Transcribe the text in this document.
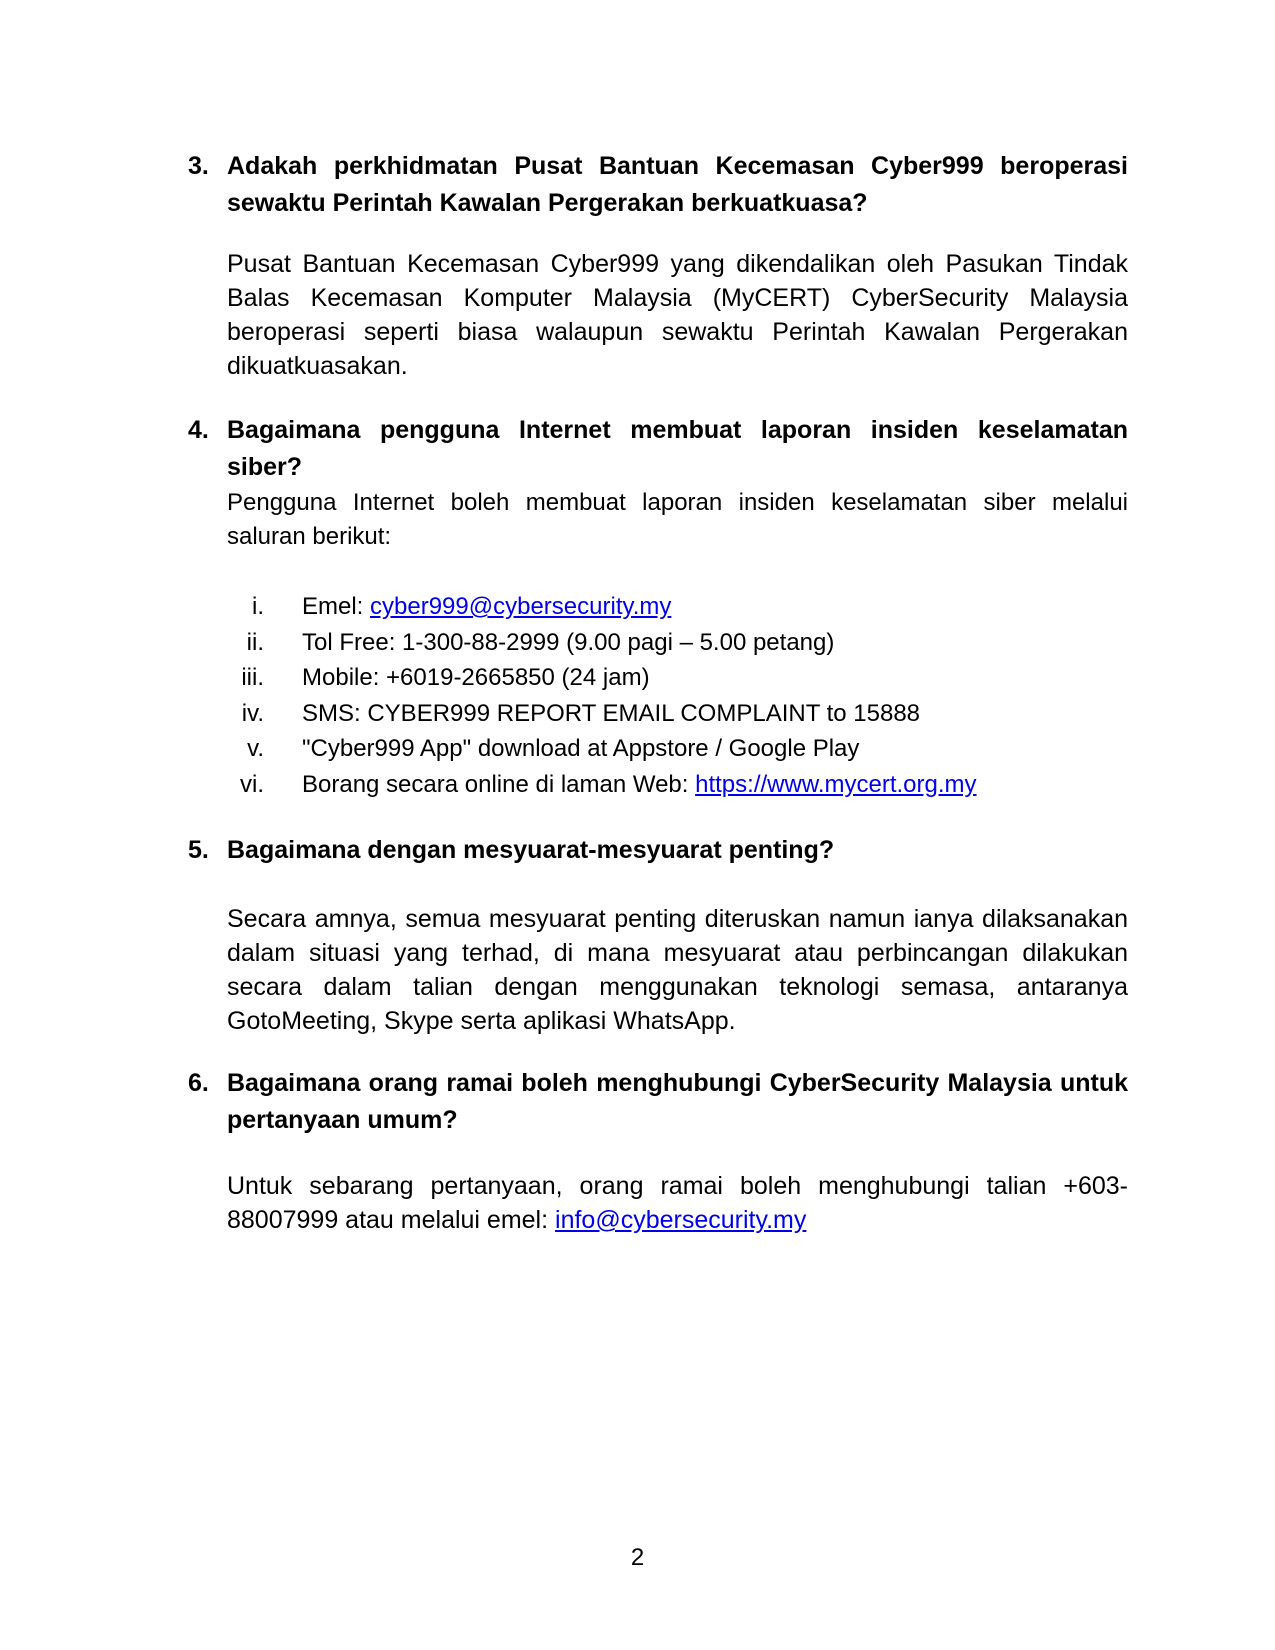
3. Adakah perkhidmatan Pusat Bantuan Kecemasan Cyber999 beroperasi sewaktu Perintah Kawalan Pergerakan berkuatkuasa?

Pusat Bantuan Kecemasan Cyber999 yang dikendalikan oleh Pasukan Tindak Balas Kecemasan Komputer Malaysia (MyCERT) CyberSecurity Malaysia beroperasi seperti biasa walaupun sewaktu Perintah Kawalan Pergerakan dikuatkuasakan.

4. Bagaimana pengguna Internet membuat laporan insiden keselamatan siber?

Pengguna Internet boleh membuat laporan insiden keselamatan siber melalui saluran berikut:

i. Emel: cyber999@cybersecurity.my
ii. Tol Free: 1-300-88-2999 (9.00 pagi – 5.00 petang)
iii. Mobile: +6019-2665850 (24 jam)
iv. SMS: CYBER999 REPORT EMAIL COMPLAINT to 15888
v. "Cyber999 App" download at Appstore / Google Play
vi. Borang secara online di laman Web: https://www.mycert.org.my
5. Bagaimana dengan mesyuarat-mesyuarat penting?

Secara amnya, semua mesyuarat penting diteruskan namun ianya dilaksanakan dalam situasi yang terhad, di mana mesyuarat atau perbincangan dilakukan secara dalam talian dengan menggunakan teknologi semasa, antaranya GotoMeeting, Skype serta aplikasi WhatsApp.

6. Bagaimana orang ramai boleh menghubungi CyberSecurity Malaysia untuk pertanyaan umum?

Untuk sebarang pertanyaan, orang ramai boleh menghubungi talian +603-88007999 atau melalui emel: info@cybersecurity.my

2
